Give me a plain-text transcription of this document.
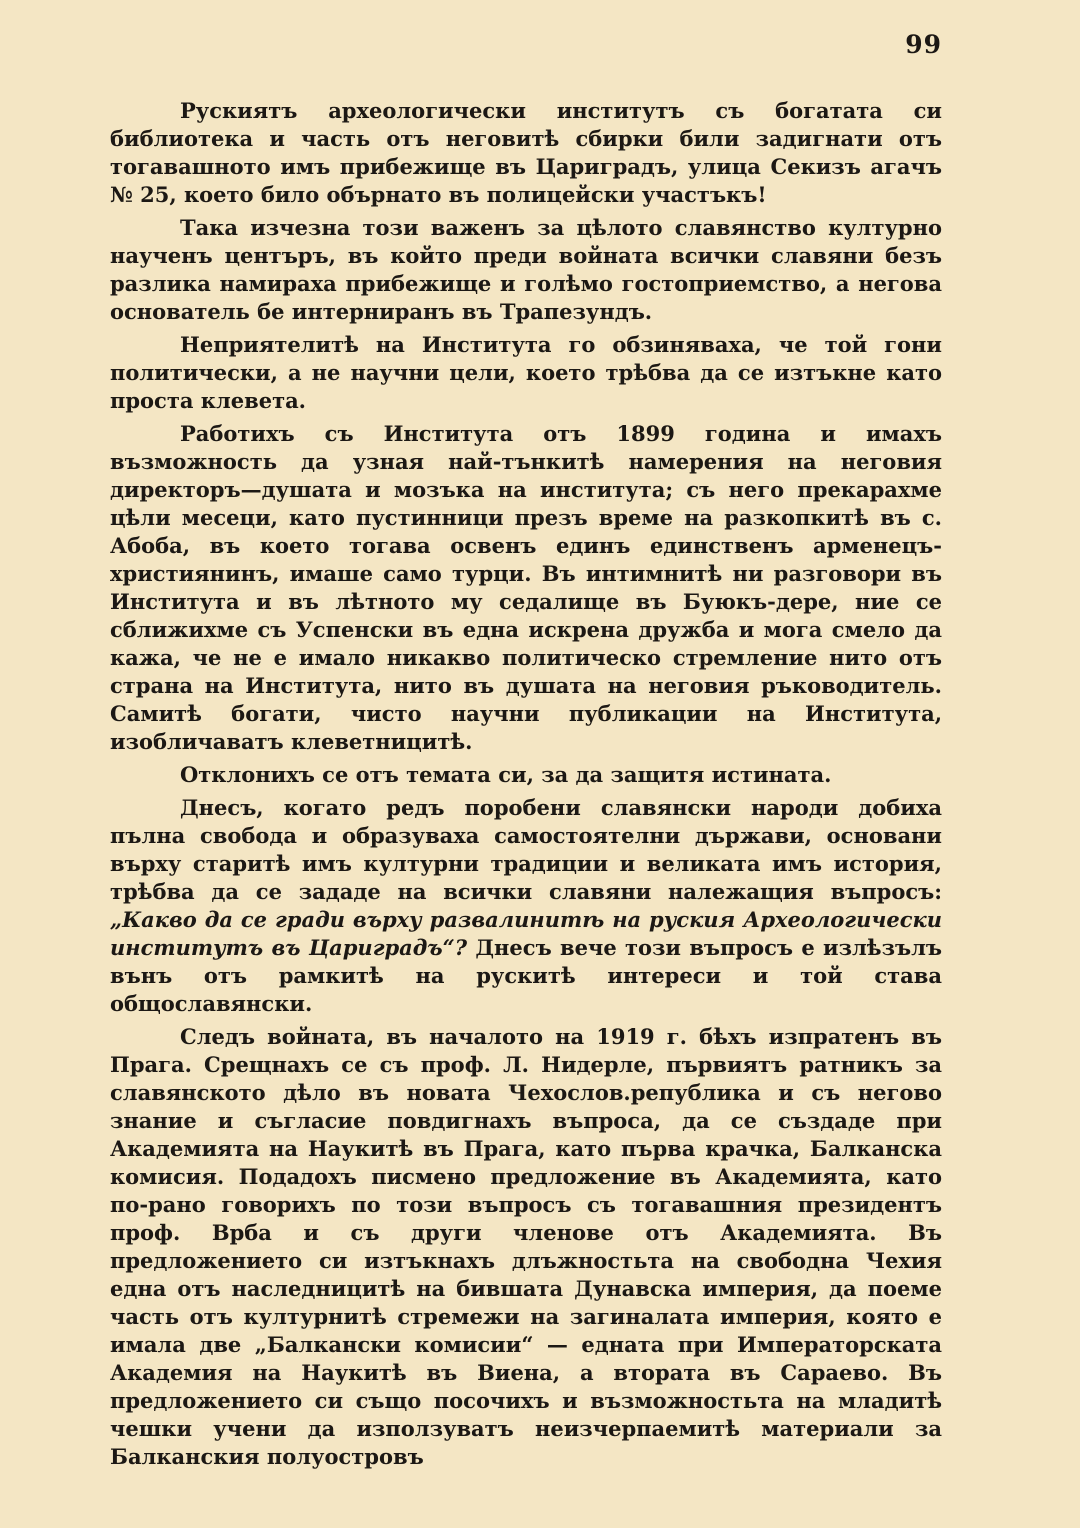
99

Рускиятъ археологически институтъ съ богатата си библиотека и часть отъ неговитѣ сбирки били задигнати отъ тогавашното имъ прибежище въ Цариградъ, улица Секизъ агачъ № 25, което било обърнато въ полицейски участъкъ!

Така изчезна този важенъ за цѣлото славянство културно наученъ центъръ, въ който преди войната всички славяни безъ разлика намираха прибежище и голѣмо гостоприемство, а негова основатель бе интерниранъ въ Трапезундъ.

Неприятелитѣ на Института го обзиняваха, че той гони политически, а не научни цели, което трѣбва да се изтъкне като проста клевета.

Работихъ съ Института отъ 1899 година и имахъ възможность да узная най-тънкитѣ намерения на неговия директоръ—душата и мозъка на института; съ него прекарахме цѣли месеци, като пустинници презъ време на разкопкитѣ въ с. Абоба, въ което тогава освенъ единъ единственъ арменецъ-християнинъ, имаше само турци. Въ интимнитѣ ни разговори въ Института и въ лѣтното му седалище въ Буюкъ-дере, ние се сближихме съ Успенски въ една искрена дружба и мога смело да кажа, че не е имало никакво политическо стремление нито отъ страна на Института, нито въ душата на неговия ръководитель. Самитѣ богати, чисто научни публикации на Института, изобличаватъ клеветницитѣ.

Отклонихъ се отъ темата си, за да защитя истината.

Днесъ, когато редъ поробени славянски народи добиха пълна свобода и образуваха самостоятелни държави, основани върху старитѣ имъ културни традиции и великата имъ история, трѣбва да се зададе на всички славяни належащия въпросъ: „Какво да се гради върху развалинитѣ на руския Археологически институтъ въ Цариградъ“? Днесъ вече този въпросъ е излѣзълъ вънъ отъ рамкитѣ на рускитѣ интереси и той става общославянски.

Следъ войната, въ началото на 1919 г. бѣхъ изпратенъ въ Прага. Срещнахъ се съ проф. Л. Нидерле, първиятъ ратникъ за славянското дѣло въ новата Чехослов.република и съ негово знание и съгласие повдигнахъ въпроса, да се създаде при Академията на Наукитѣ въ Прага, като първа крачка, Балканска комисия. Подадохъ писмено предложение въ Академията, като по-рано говорихъ по този въпросъ съ тогавашния президентъ проф. Врба и съ други членове отъ Академията. Въ предложението си изтъкнахъ длъжностьта на свободна Чехия една отъ наследницитѣ на бившата Дунавска империя, да поеме часть отъ културнитѣ стремежи на загиналата империя, която е имала две „Балкански комисии“ — едната при Императорската Академия на Наукитѣ въ Виена, а втората въ Сараево. Въ предложението си също посочихъ и възможностьта на младитѣ чешки учени да използуватъ неизчерпаемитѣ материали за Балканския полуостровъ
